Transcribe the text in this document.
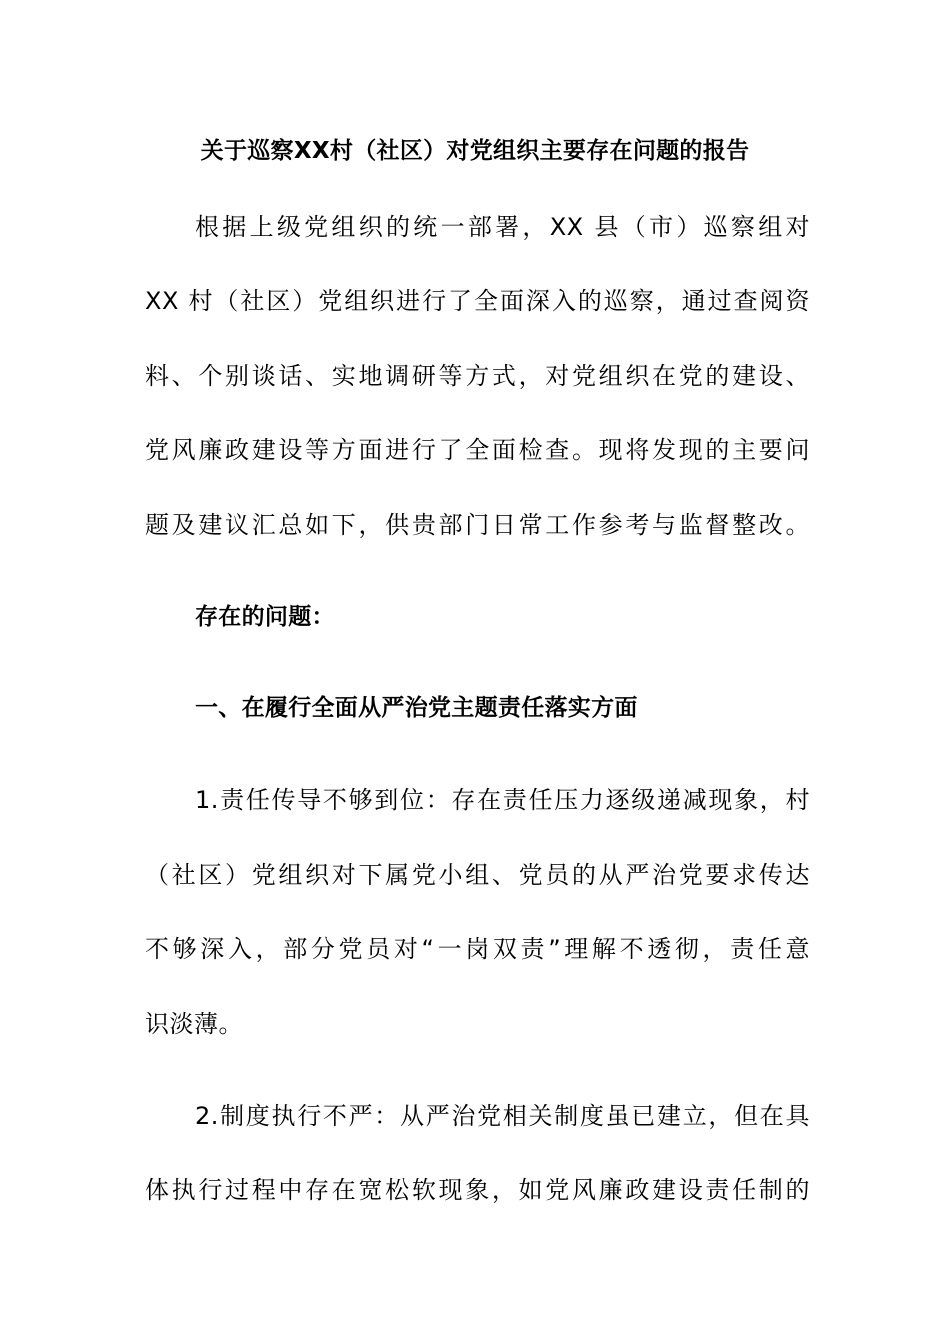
关于巡察XX村（社区）对党组织主要存在问题的报告
根据上级党组织的统一部署，XX 县（市）巡察组对
XX 村（社区）党组织进行了全面深入的巡察，通过查阅资
料、个别谈话、实地调研等方式，对党组织在党的建设、
党风廉政建设等方面进行了全面检查。现将发现的主要问
题及建议汇总如下，供贵部门日常工作参考与监督整改。
存在的问题：
一、在履行全面从严治党主题责任落实方面
1.责任传导不够到位：存在责任压力逐级递减现象，村
（社区）党组织对下属党小组、党员的从严治党要求传达
不够深入，部分党员对“一岗双责”理解不透彻，责任意
识淡薄。
2.制度执行不严：从严治党相关制度虽已建立，但在具
体执行过程中存在宽松软现象，如党风廉政建设责任制的
